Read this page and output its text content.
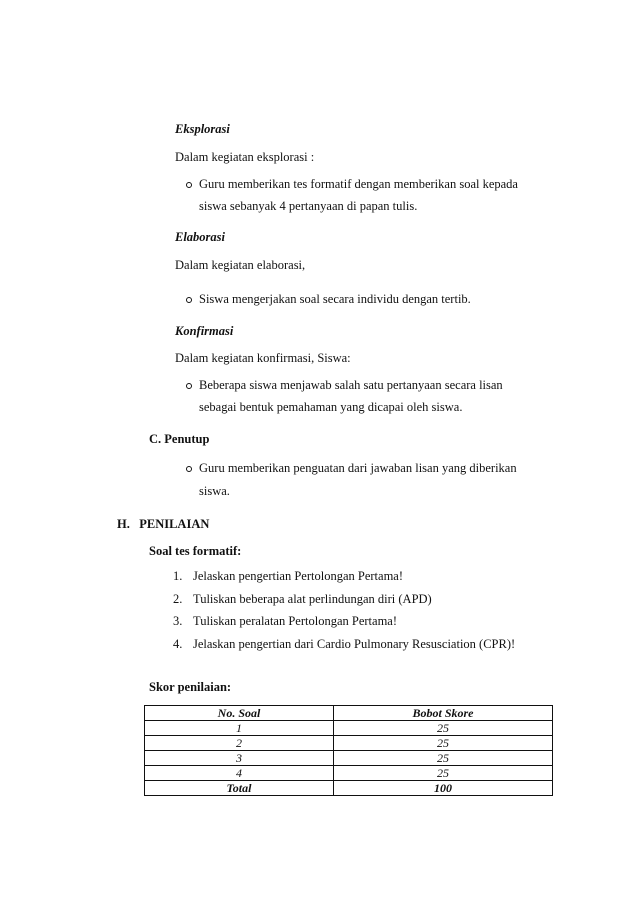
Eksplorasi
Dalam kegiatan eksplorasi :
Guru memberikan tes formatif dengan memberikan soal kepada
siswa sebanyak 4 pertanyaan di papan tulis.
Elaborasi
Dalam kegiatan elaborasi,
Siswa mengerjakan soal secara individu dengan tertib.
Konfirmasi
Dalam kegiatan konfirmasi, Siswa:
Beberapa siswa menjawab salah satu pertanyaan secara lisan
sebagai bentuk pemahaman yang dicapai oleh siswa.
C. Penutup
Guru memberikan penguatan dari jawaban lisan yang diberikan
siswa.
H.   PENILAIAN
Soal tes formatif:
1. Jelaskan pengertian Pertolongan Pertama!
2. Tuliskan beberapa alat perlindungan diri (APD)
3. Tuliskan peralatan Pertolongan Pertama!
4. Jelaskan pengertian dari Cardio Pulmonary Resusciation (CPR)!
Skor penilaian:
No. Soal	Bobot Skore
1	25
2	25
3	25
4	25
Total	100
